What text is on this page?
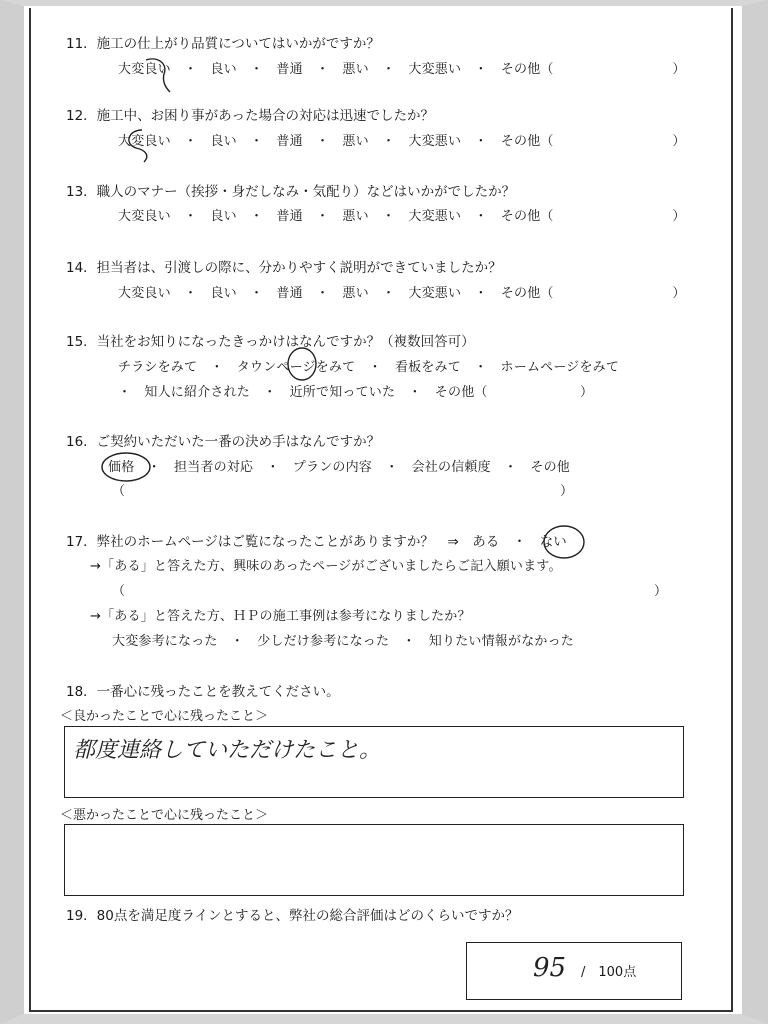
11．施工の仕上がり品質についてはいかがですか？
大変良い　・　良い　・　普通　・　悪い　・　大変悪い　・　その他（　　　　　　　　　）
12．施工中、お困り事があった場合の対応は迅速でしたか？
大変良い　・　良い　・　普通　・　悪い　・　大変悪い　・　その他（　　　　　　　　　）
13．職人のマナー（挨拶・身だしなみ・気配り）などはいかがでしたか？
大変良い　・　良い　・　普通　・　悪い　・　大変悪い　・　その他（　　　　　　　　　）
14．担当者は、引渡しの際に、分かりやすく説明ができていましたか？
大変良い　・　良い　・　普通　・　悪い　・　大変悪い　・　その他（　　　　　　　　　）
15．当社をお知りになったきっかけはなんですか？（複数回答可）
チラシをみて　・　タウンページをみて　・　看板をみて　・　ホームページをみて
・　知人に紹介された　・　近所で知っていた　・　その他（　　　　　　　）
16．ご契約いただいた一番の決め手はなんですか？
価格　・　担当者の対応　・　プランの内容　・　会社の信頼度　・　その他
（	）
17．弊社のホームページはご覧になったことがありますか？　⇒　ある　・　ない
→「ある」と答えた方、興味のあったページがございましたらご記入願います。
（	）
→「ある」と答えた方、ＨＰの施工事例は参考になりましたか？
大変参考になった　・　少しだけ参考になった　・　知りたい情報がなかった
18．一番心に残ったことを教えてください。
＜良かったことで心に残ったこと＞
都度連絡していただけたこと。
＜悪かったことで心に残ったこと＞
19．80点を満足度ラインとすると、弊社の総合評価はどのくらいですか？
95 /　100点
